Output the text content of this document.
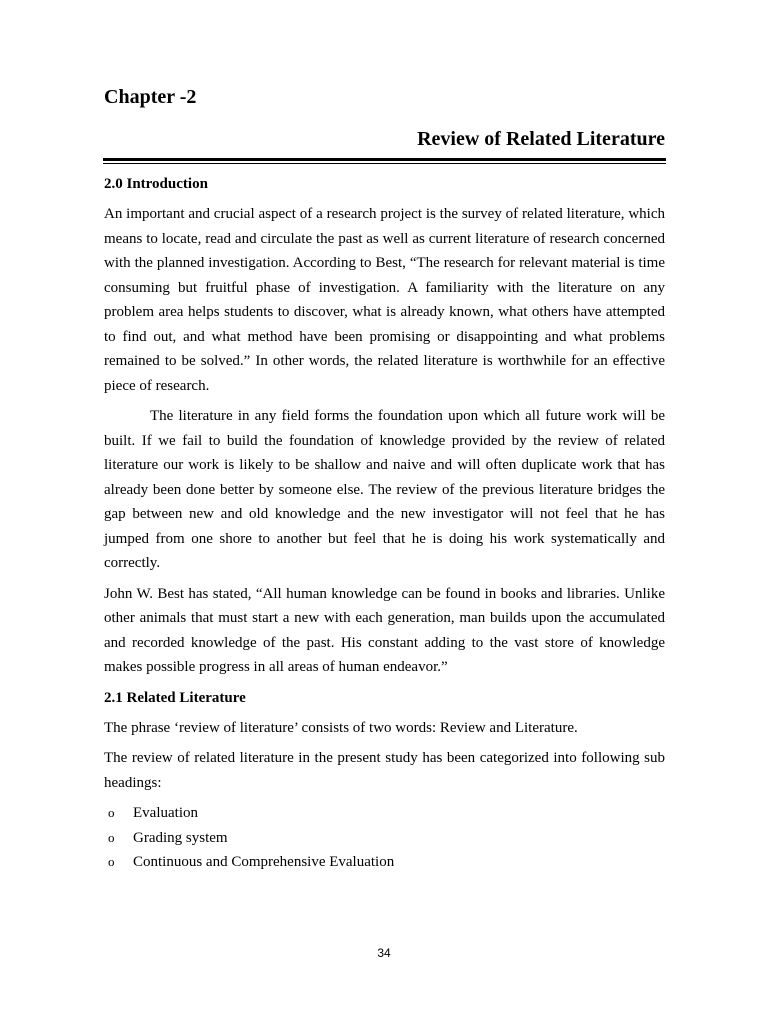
Chapter -2
Review of Related Literature
2.0 Introduction

An important and crucial aspect of a research project is the survey of related literature, which means to locate, read and circulate the past as well as current literature of research concerned with the planned investigation. According to Best, “The research for relevant material is time consuming but fruitful phase of investigation. A familiarity with the literature on any problem area helps students to discover, what is already known, what others have attempted to find out, and what method have been promising or disappointing and what problems remained to be solved.” In other words, the related literature is worthwhile for an effective piece of research.

The literature in any field forms the foundation upon which all future work will be built. If we fail to build the foundation of knowledge provided by the review of related literature our work is likely to be shallow and naive and will often duplicate work that has already been done better by someone else. The review of the previous literature bridges the gap between new and old knowledge and the new investigator will not feel that he has jumped from one shore to another but feel that he is doing his work systematically and correctly.

John W. Best has stated, “All human knowledge can be found in books and libraries. Unlike other animals that must start a new with each generation, man builds upon the accumulated and recorded knowledge of the past. His constant adding to the vast store of knowledge makes possible progress in all areas of human endeavor.”

2.1 Related Literature

The phrase ‘review of literature’ consists of two words: Review and Literature.

The review of related literature in the present study has been categorized into following sub headings:

o Evaluation
o Grading system
o Continuous and Comprehensive Evaluation
34
